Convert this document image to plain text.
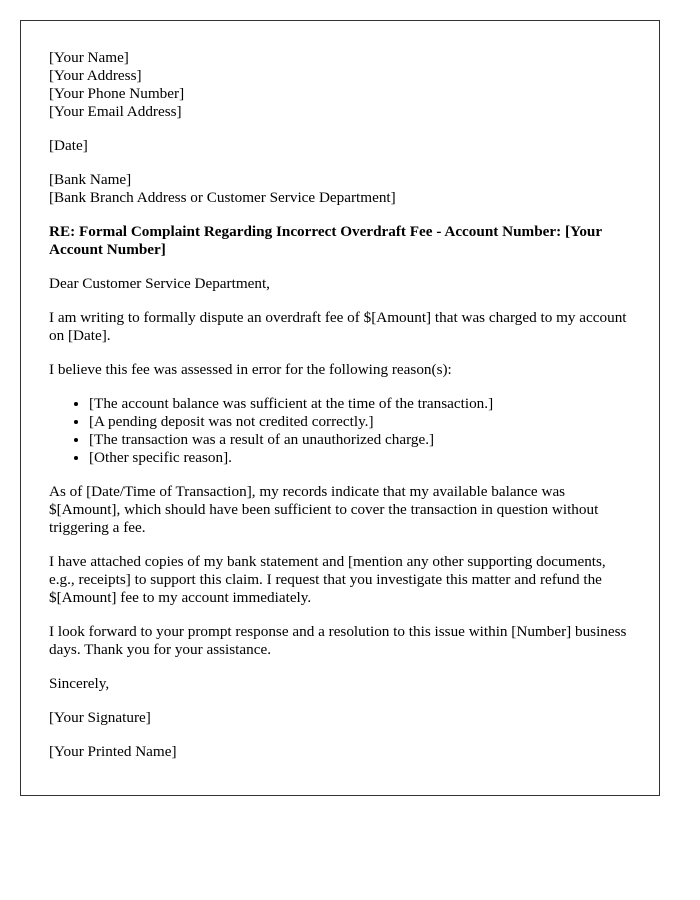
[Your Name]

[Your Address]

[Your Phone Number]

[Your Email Address]

[Date]

[Bank Name]

[Bank Branch Address or Customer Service Department]

RE: Formal Complaint Regarding Incorrect Overdraft Fee - Account Number: [Your Account Number]

Dear Customer Service Department,

I am writing to formally dispute an overdraft fee of $[Amount] that was charged to my account on [Date].

I believe this fee was assessed in error for the following reason(s):

• [The account balance was sufficient at the time of the transaction.]
• [A pending deposit was not credited correctly.]
• [The transaction was a result of an unauthorized charge.]
• [Other specific reason].

As of [Date/Time of Transaction], my records indicate that my available balance was $[Amount], which should have been sufficient to cover the transaction in question without triggering a fee.

I have attached copies of my bank statement and [mention any other supporting documents, e.g., receipts] to support this claim. I request that you investigate this matter and refund the $[Amount] fee to my account immediately.

I look forward to your prompt response and a resolution to this issue within [Number] business days. Thank you for your assistance.

Sincerely,

[Your Signature]

[Your Printed Name]
